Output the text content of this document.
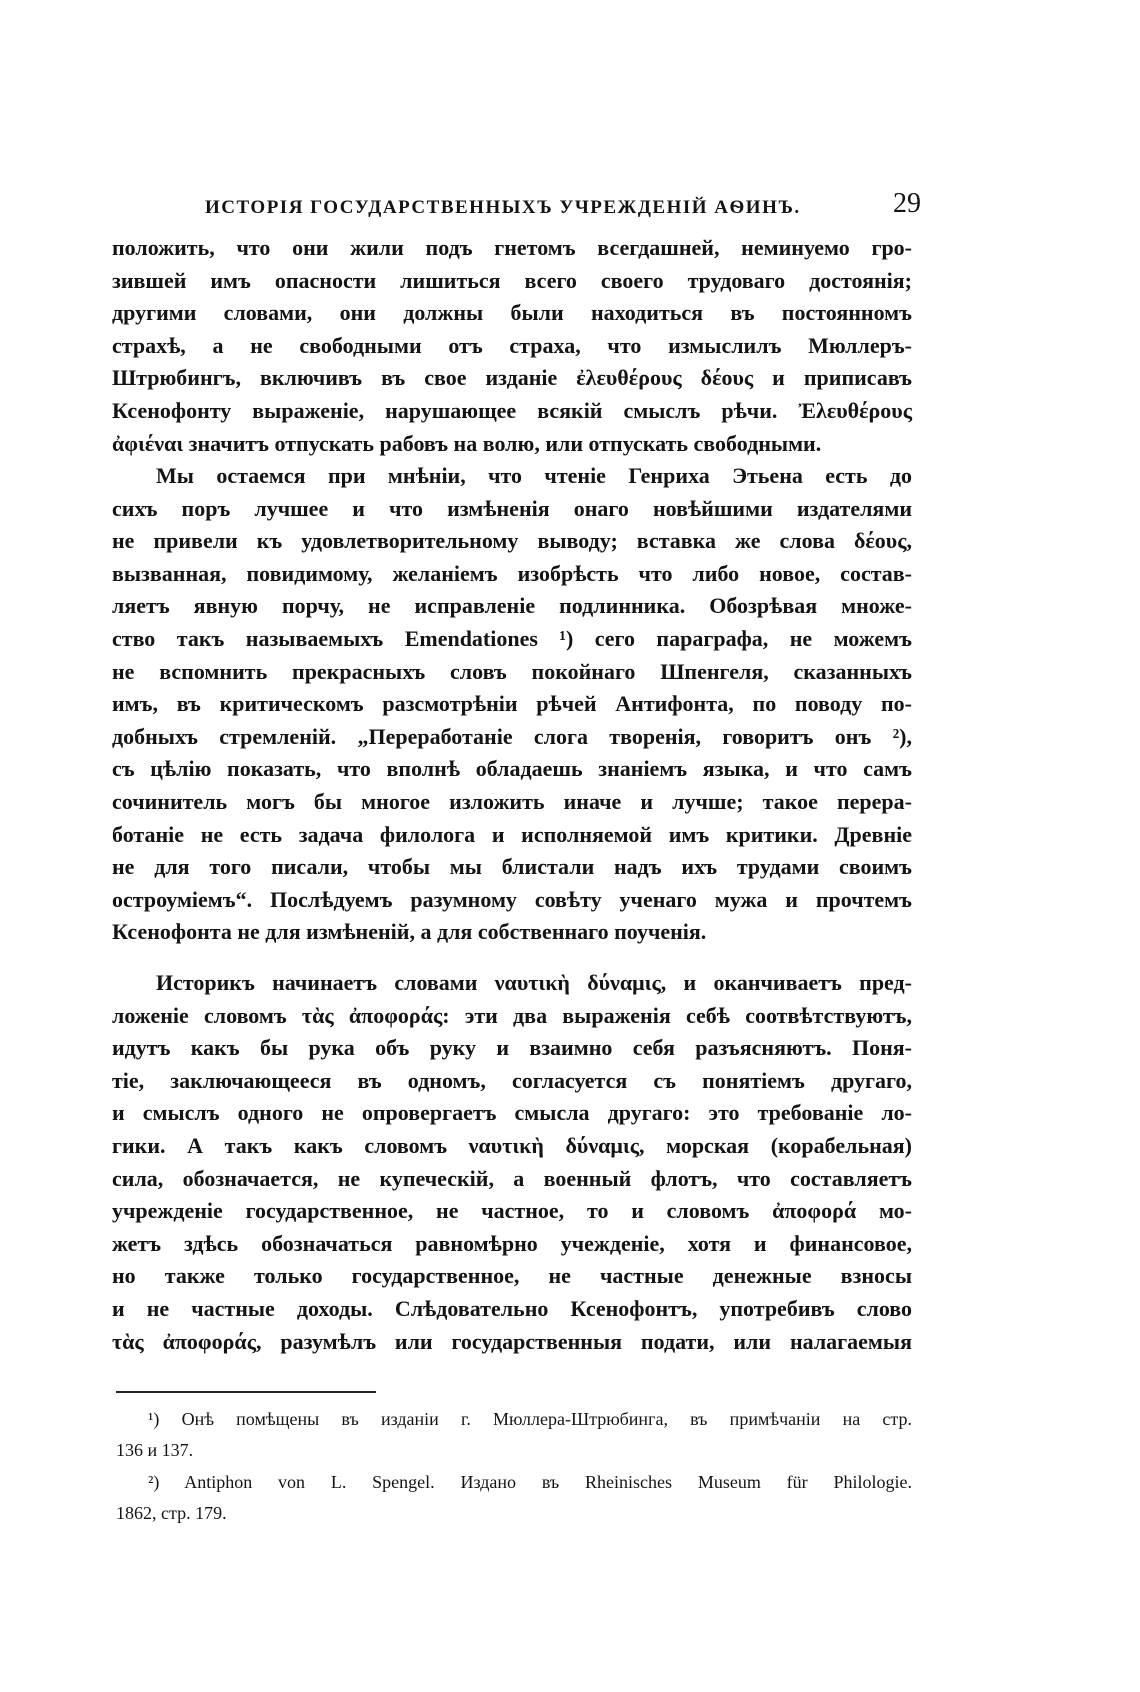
ИСТОРІЯ ГОСУДАРСТВЕННЫХЪ УЧРЕЖДЕНІЙ АѲИНЪ.	29
положить, что они жили подъ гнетомъ всегдашней, неминуемо гро-
зившей имъ опасности лишиться всего своего трудоваго достоянія;
другими словами, они должны были находиться въ постоянномъ
страхѣ, а не свободными отъ страха, что измыслилъ Мюллеръ-
Штрюбингъ, включивъ въ свое изданіе ἐλευθέρους δέους и приписавъ
Ксенофонту выраженіе, нарушающее всякій смыслъ рѣчи. Ἐλευθέρους
ἀφιέναι значитъ отпускать рабовъ на волю, или отпускать свободными.
Мы остаемся при мнѣніи, что чтеніе Генриха Этьена есть до
сихъ поръ лучшее и что измѣненія онаго новѣйшими издателями
не привели къ удовлетворительному выводу; вставка же слова δέους,
вызванная, повидимому, желаніемъ изобрѣсть что либо новое, состав-
ляетъ явную порчу, не исправленіе подлинника. Обозрѣвая множе-
ство такъ называемыхъ Emendationes ¹) сего параграфа, не можемъ
не вспомнить прекрасныхъ словъ покойнаго Шпенгеля, сказанныхъ
имъ, въ критическомъ разсмотрѣніи рѣчей Антифонта, по поводу по-
добныхъ стремленій. „Переработаніе слога творенія, говоритъ онъ ²),
съ цѣлію показать, что вполнѣ обладаешь знаніемъ языка, и что самъ
сочинитель могъ бы многое изложить иначе и лучше; такое перера-
ботаніе не есть задача филолога и исполняемой имъ критики. Древніе
не для того писали, чтобы мы блистали надъ ихъ трудами своимъ
остроуміемъ“. Послѣдуемъ разумному совѣту ученаго мужа и прочтемъ
Ксенофонта не для измѣненій, а для собственнаго поученія.
Историкъ начинаетъ словами ναυτικὴ δύναμις, и оканчиваетъ пред-
ложеніе словомъ τὰς ἀποφοράς: эти два выраженія себѣ соотвѣтствуютъ,
идутъ какъ бы рука объ руку и взаимно себя разъясняютъ. Поня-
тіе, заключающееся въ одномъ, согласуется съ понятіемъ другаго,
и смыслъ одного не опровергаетъ смысла другаго: это требованіе ло-
гики. А такъ какъ словомъ ναυτικὴ δύναμις, морская (корабельная)
сила, обозначается, не купеческій, а военный флотъ, что составляетъ
учрежденіе государственное, не частное, то и словомъ ἀποφορά мо-
жетъ здѣсь обозначаться равномѣрно учежденіе, хотя и финансовое,
но также только государственное, не частные денежные взносы
и не частные доходы. Слѣдовательно Ксенофонтъ, употребивъ слово
τὰς ἀποφοράς, разумѣлъ или государственныя подати, или налагаемыя
¹) Онѣ помѣщены въ изданіи г. Мюллера-Штрюбинга, въ примѣчаніи на стр.
136 и 137.
²) Antiphon von L. Spengel. Издано въ Rheinisches Museum für Philologie.
1862, стр. 179.
